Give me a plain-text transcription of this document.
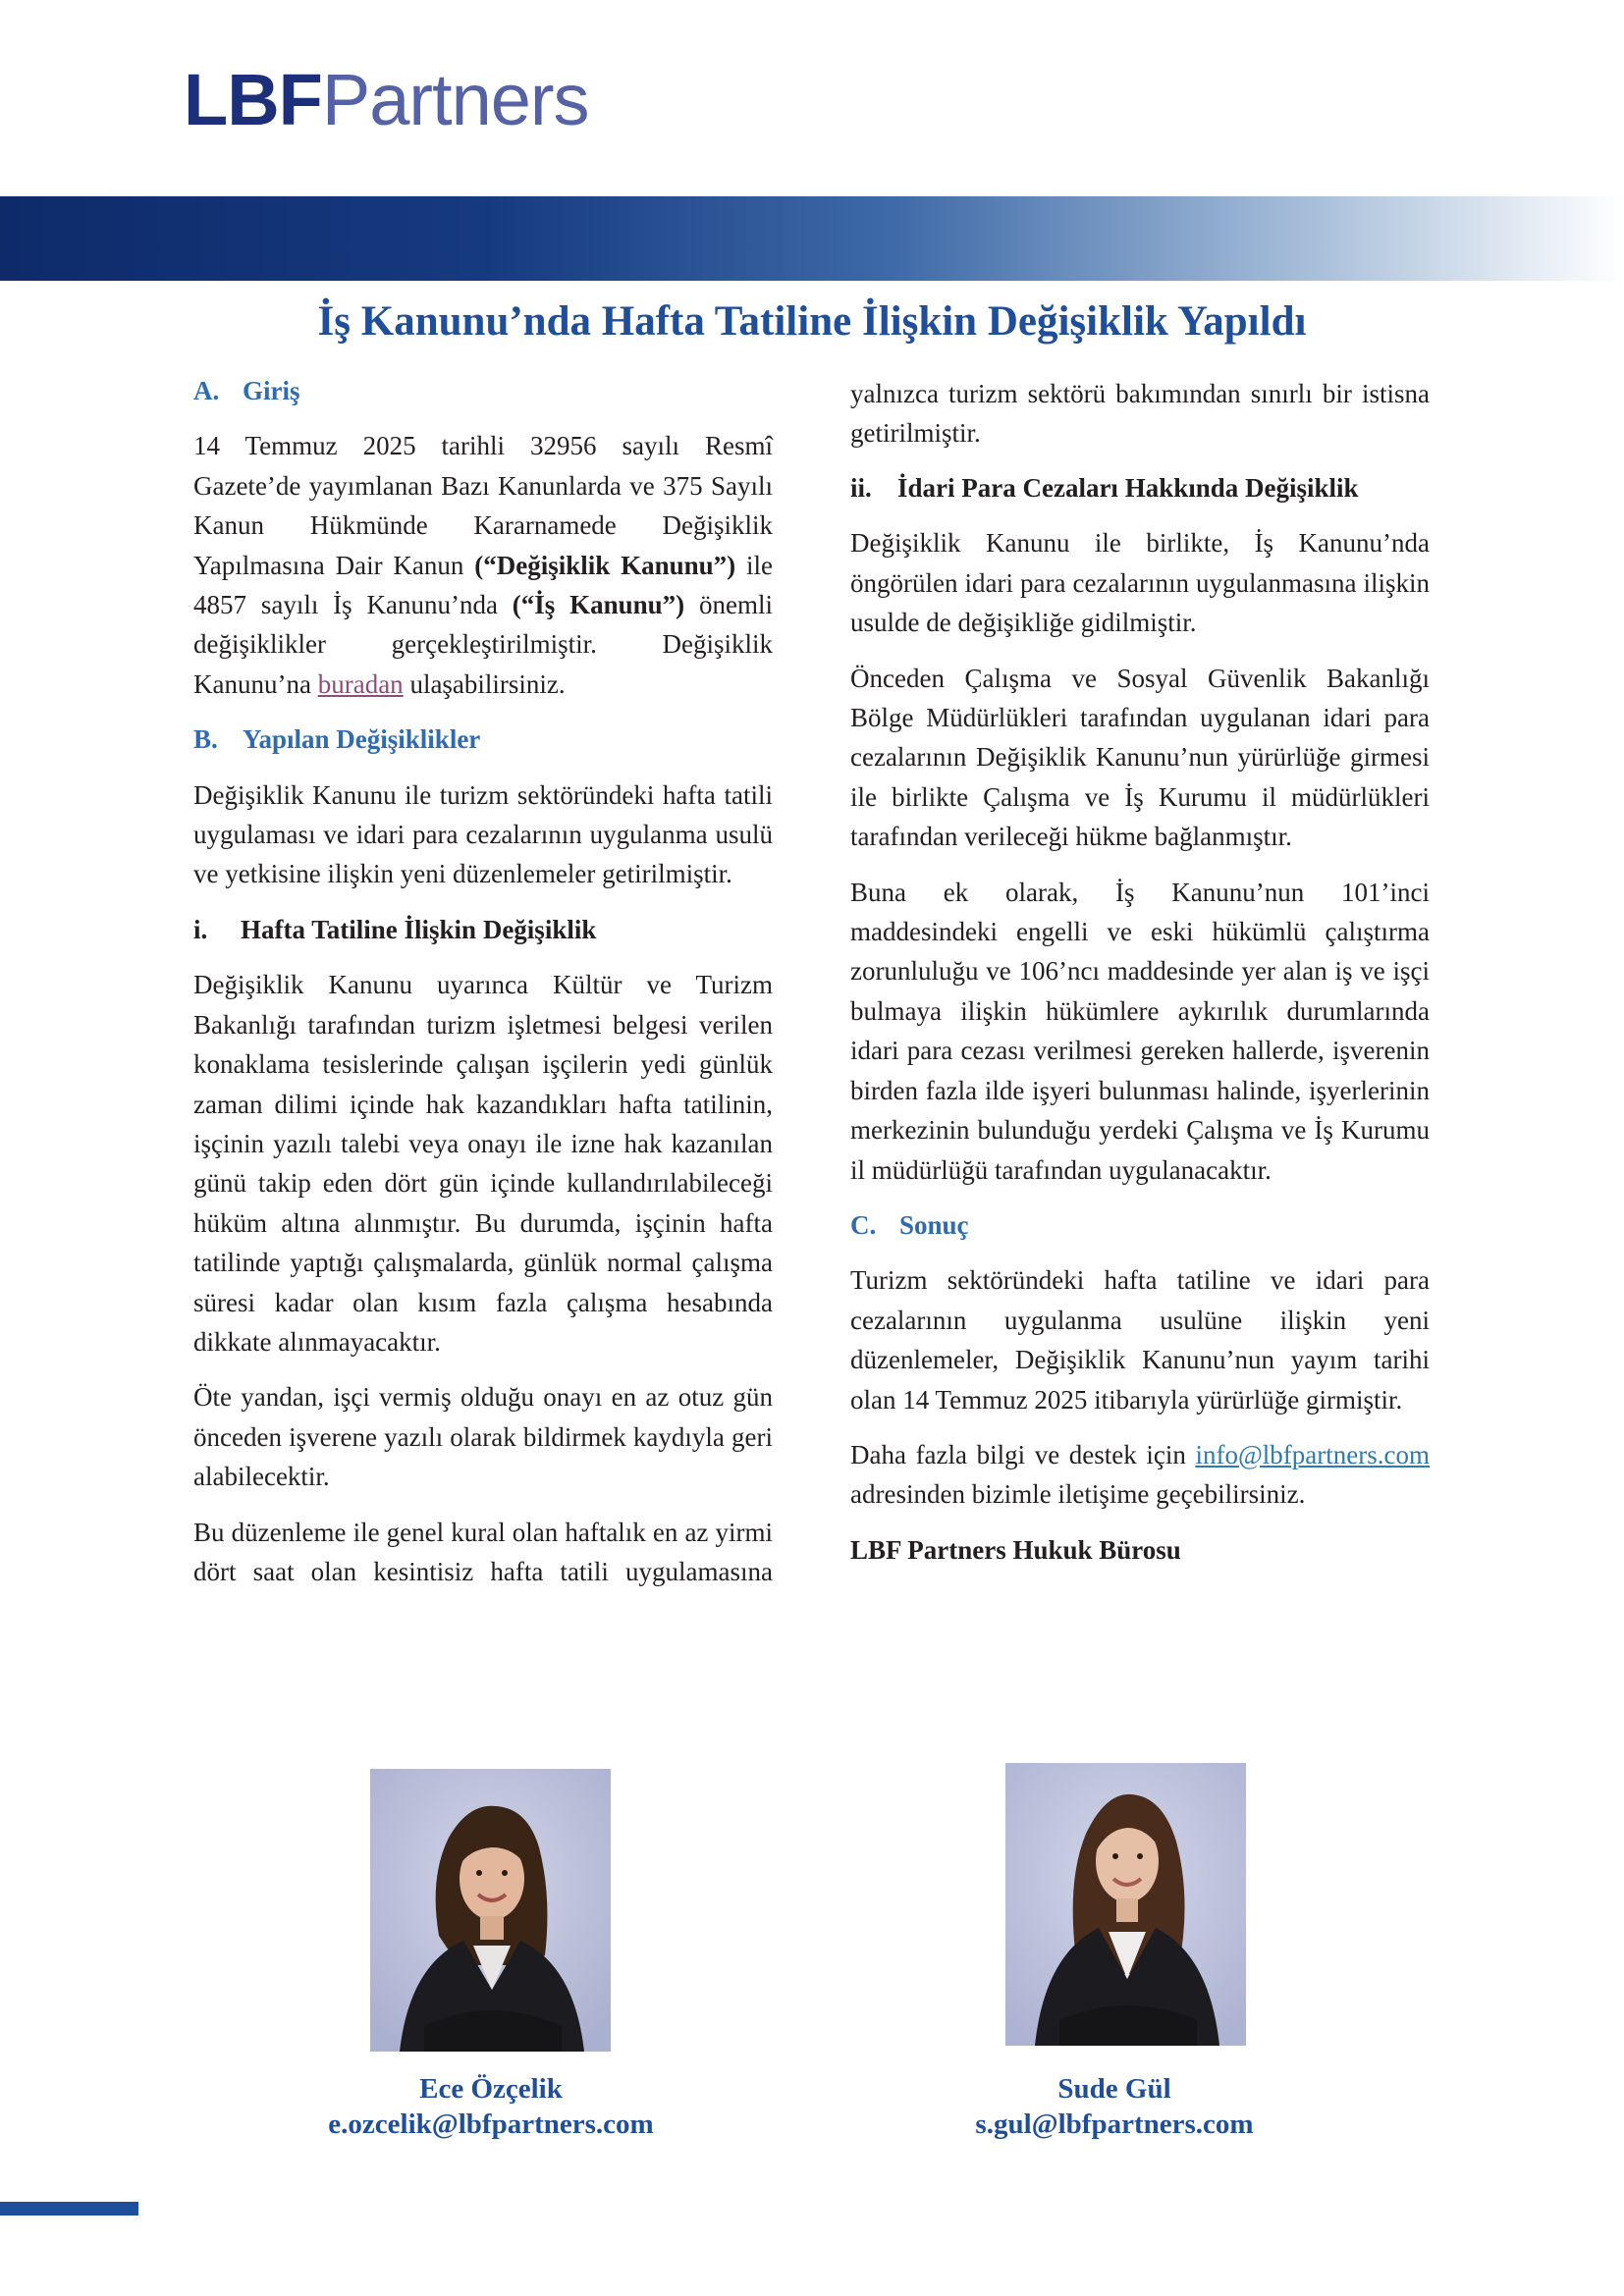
LBFPartners
İş Kanunu’nda Hafta Tatiline İlişkin Değişiklik Yapıldı
A. Giriş

14 Temmuz 2025 tarihli 32956 sayılı Resmî Gazete’de yayımlanan Bazı Kanunlarda ve 375 Sayılı Kanun Hükmünde Kararnamede Değişiklik Yapılmasına Dair Kanun (“Değişiklik Kanunu”) ile 4857 sayılı İş Kanunu’nda (“İş Kanunu”) önemli değişiklikler gerçekleştirilmiştir. Değişiklik Kanunu’na buradan ulaşabilirsiniz.

B. Yapılan Değişiklikler

Değişiklik Kanunu ile turizm sektöründeki hafta tatili uygulaması ve idari para cezalarının uygulanma usulü ve yetkisine ilişkin yeni düzenlemeler getirilmiştir.

i. Hafta Tatiline İlişkin Değişiklik

Değişiklik Kanunu uyarınca Kültür ve Turizm Bakanlığı tarafından turizm işletmesi belgesi verilen konaklama tesislerinde çalışan işçilerin yedi günlük zaman dilimi içinde hak kazandıkları hafta tatilinin, işçinin yazılı talebi veya onayı ile izne hak kazanılan günü takip eden dört gün içinde kullandırılabileceği hüküm altına alınmıştır. Bu durumda, işçinin hafta tatilinde yaptığı çalışmalarda, günlük normal çalışma süresi kadar olan kısım fazla çalışma hesabında dikkate alınmayacaktır.

Öte yandan, işçi vermiş olduğu onayı en az otuz gün önceden işverene yazılı olarak bildirmek kaydıyla geri alabilecektir.

Bu düzenleme ile genel kural olan haftalık en az yirmi dört saat olan kesintisiz hafta tatili uygulamasına

yalnızca turizm sektörü bakımından sınırlı bir istisna getirilmiştir.

ii. İdari Para Cezaları Hakkında Değişiklik

Değişiklik Kanunu ile birlikte, İş Kanunu’nda öngörülen idari para cezalarının uygulanmasına ilişkin usulde de değişikliğe gidilmiştir.

Önceden Çalışma ve Sosyal Güvenlik Bakanlığı Bölge Müdürlükleri tarafından uygulanan idari para cezalarının Değişiklik Kanunu’nun yürürlüğe girmesi ile birlikte Çalışma ve İş Kurumu il müdürlükleri tarafından verileceği hükme bağlanmıştır.

Buna ek olarak, İş Kanunu’nun 101’inci maddesindeki engelli ve eski hükümlü çalıştırma zorunluluğu ve 106’ncı maddesinde yer alan iş ve işçi bulmaya ilişkin hükümlere aykırılık durumlarında idari para cezası verilmesi gereken hallerde, işverenin birden fazla ilde işyeri bulunması halinde, işyerlerinin merkezinin bulunduğu yerdeki Çalışma ve İş Kurumu il müdürlüğü tarafından uygulanacaktır.

C. Sonuç

Turizm sektöründeki hafta tatiline ve idari para cezalarının uygulanma usulüne ilişkin yeni düzenlemeler, Değişiklik Kanunu’nun yayım tarihi olan 14 Temmuz 2025 itibarıyla yürürlüğe girmiştir.

Daha fazla bilgi ve destek için info@lbfpartners.com adresinden bizimle iletişime geçebilirsiniz.

LBF Partners Hukuk Bürosu

Ece Özçelik
e.ozcelik@lbfpartners.com
Sude Gül
s.gul@lbfpartners.com
